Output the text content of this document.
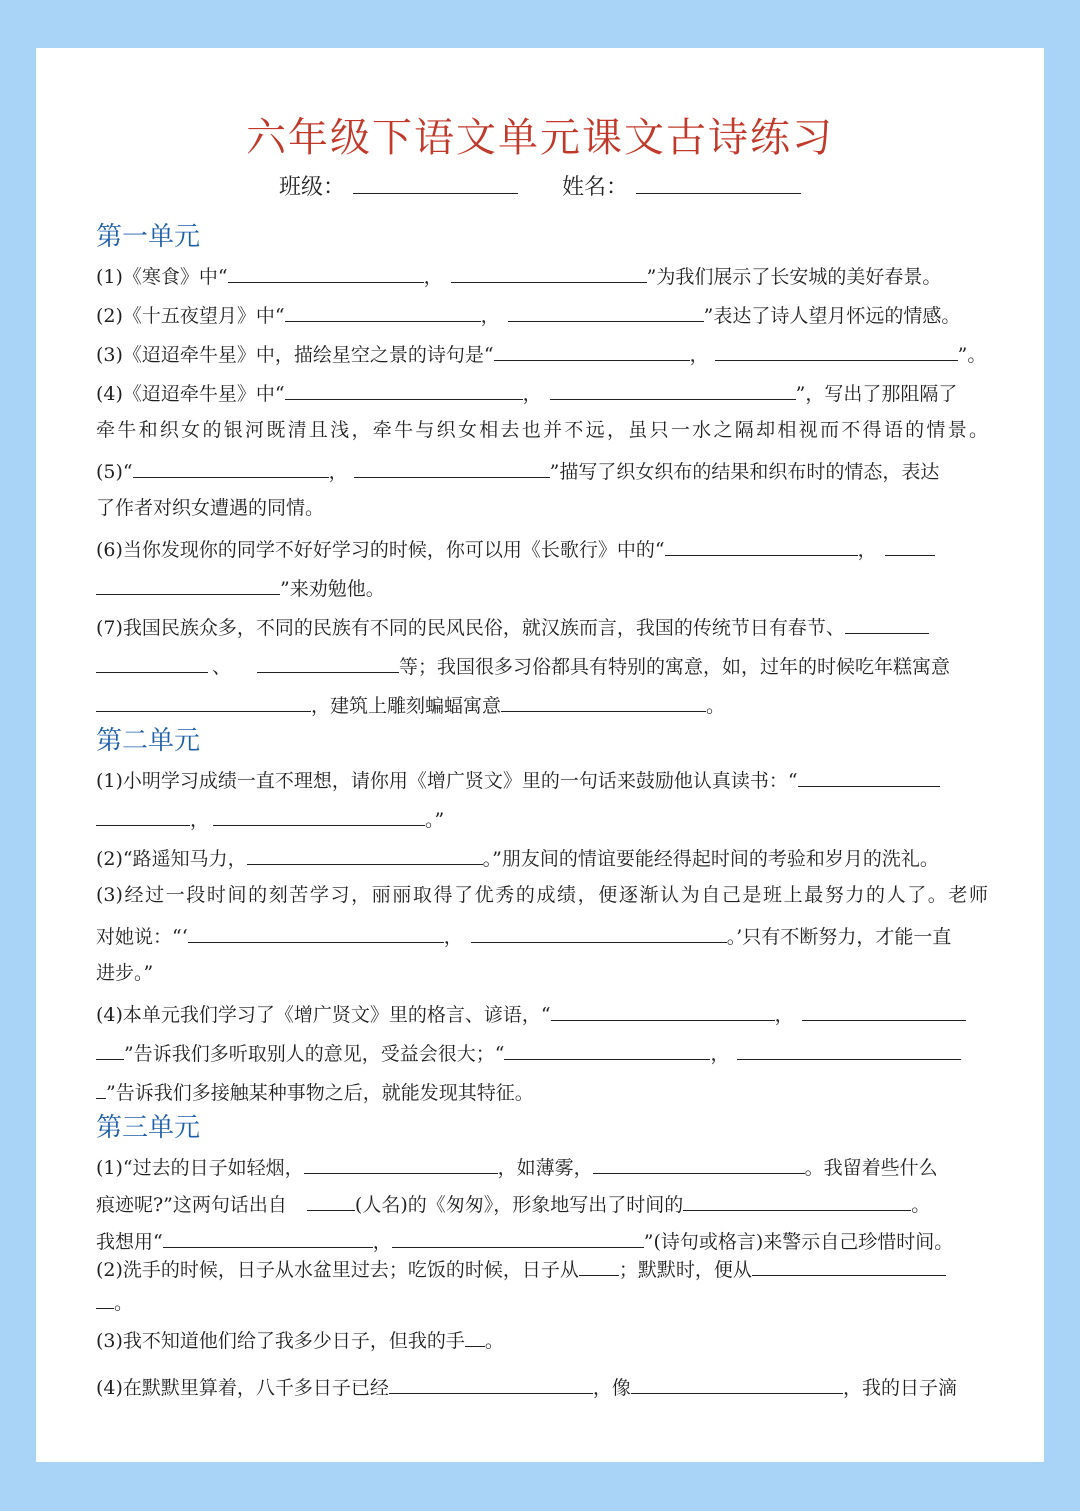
六年级下语文单元课文古诗练习
班级：	姓名：
第一单元
(1)《寒食》中“	，	”为我们展示了长安城的美好春景。
(2)《十五夜望月》中“	，	”表达了诗人望月怀远的情感。
(3)《迢迢牵牛星》中，描绘星空之景的诗句是“	，	”。
(4)《迢迢牵牛星》中“	，	”，写出了那阻隔了
牵牛和织女的银河既清且浅，牵牛与织女相去也并不远，虽只一水之隔却相视而不得语的情景。
(5)“	，	”描写了织女织布的结果和织布时的情态，表达
了作者对织女遭遇的同情。
(6)当你发现你的同学不好好学习的时候，你可以用《长歌行》中的“	，
”来劝勉他。
(7)我国民族众多，不同的民族有不同的民风民俗，就汉族而言，我国的传统节日有春节、
、	等；我国很多习俗都具有特别的寓意，如，过年的时候吃年糕寓意
，建筑上雕刻蝙蝠寓意	。
第二单元
(1)小明学习成绩一直不理想，请你用《增广贤文》里的一句话来鼓励他认真读书：“
，	。”
(2)“路遥知马力，	。”朋友间的情谊要能经得起时间的考验和岁月的洗礼。
(3)经过一段时间的刻苦学习，丽丽取得了优秀的成绩，便逐渐认为自己是班上最努力的人了。老师
对她说：“‘	，	。’只有不断努力，才能一直
进步。”
(4)本单元我们学习了《增广贤文》里的格言、谚语，“	，
”告诉我们多听取别人的意见，受益会很大；“	，
”告诉我们多接触某种事物之后，就能发现其特征。
第三单元
(1)“过去的日子如轻烟，	，如薄雾，	。我留着些什么
痕迹呢?”这两句话出自	(人名)的《匆匆》，形象地写出了时间的	。
我想用“	，	”(诗句或格言)来警示自己珍惜时间。
(2)洗手的时候，日子从水盆里过去；吃饭的时候，日子从 ；默默时，便从
。
(3)我不知道他们给了我多少日子，但我的手 。
(4)在默默里算着，八千多日子已经	，像	，我的日子滴
